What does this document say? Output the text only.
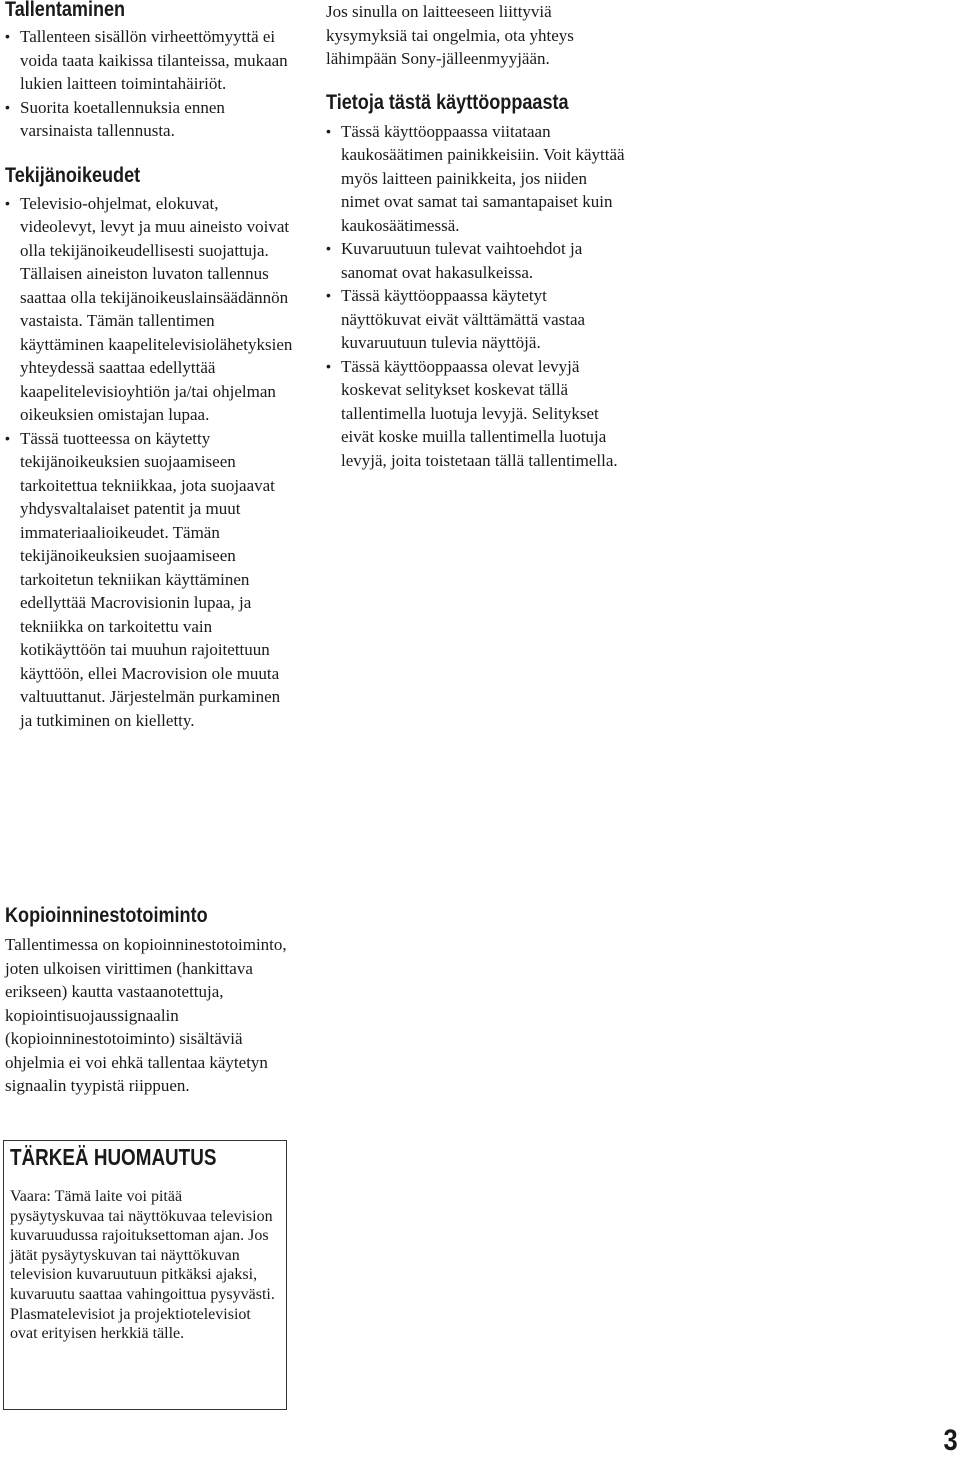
Tallentaminen
• Tallenteen sisällön virheettömyyttä ei voida taata kaikissa tilanteissa, mukaan lukien laitteen toimintahäiriöt.
• Suorita koetallennuksia ennen varsinaista tallennusta.
Tekijänoikeudet
• Televisio-ohjelmat, elokuvat, videolevyt, levyt ja muu aineisto voivat olla tekijänoikeudellisesti suojattuja. Tällaisen aineiston luvaton tallennus saattaa olla tekijänoikeuslainsäädännön vastaista. Tämän tallentimen käyttäminen kaapelitelevisiolähetyksien yhteydessä saattaa edellyttää kaapelitelevisioyhtiön ja/tai ohjelman oikeuksien omistajan lupaa.
• Tässä tuotteessa on käytetty tekijänoikeuksien suojaamiseen tarkoitettua tekniikkaa, jota suojaavat yhdysvaltalaiset patentit ja muut immateriaalioikeudet. Tämän tekijänoikeuksien suojaamiseen tarkoitetun tekniikan käyttäminen edellyttää Macrovisionin lupaa, ja tekniikka on tarkoitettu vain kotikäyttöön tai muuhun rajoitettuun käyttöön, ellei Macrovision ole muuta valtuuttanut. Järjestelmän purkaminen ja tutkiminen on kielletty.
Kopioinninestotoiminto

Tallentimessa on kopioinninestotoiminto, joten ulkoisen virittimen (hankittava erikseen) kautta vastaanotettuja, kopiointisuojaussignaalin (kopioinninestotoiminto) sisältäviä ohjelmia ei voi ehkä tallentaa käytetyn signaalin tyypistä riippuen.

TÄRKEÄ HUOMAUTUS

Vaara: Tämä laite voi pitää pysäytyskuvaa tai näyttökuvaa television kuvaruudussa rajoituksettoman ajan. Jos jätät pysäytyskuvan tai näyttökuvan television kuvaruutuun pitkäksi ajaksi, kuvaruutu saattaa vahingoittua pysyvästi. Plasmatelevisiot ja projektiotelevisiot ovat erityisen herkkiä tälle.

Jos sinulla on laitteeseen liittyviä kysymyksiä tai ongelmia, ota yhteys lähimpään Sony-jälleenmyyjään.

Tietoja tästä käyttöoppaasta
• Tässä käyttöoppaassa viitataan kaukosäätimen painikkeisiin. Voit käyttää myös laitteen painikkeita, jos niiden nimet ovat samat tai samantapaiset kuin kaukosäätimessä.
• Kuvaruutuun tulevat vaihtoehdot ja sanomat ovat hakasulkeissa.
• Tässä käyttöoppaassa käytetyt näyttökuvat eivät välttämättä vastaa kuvaruutuun tulevia näyttöjä.
• Tässä käyttöoppaassa olevat levyjä koskevat selitykset koskevat tällä tallentimella luotuja levyjä. Selitykset eivät koske muilla tallentimella luotuja levyjä, joita toistetaan tällä tallentimella.
3
